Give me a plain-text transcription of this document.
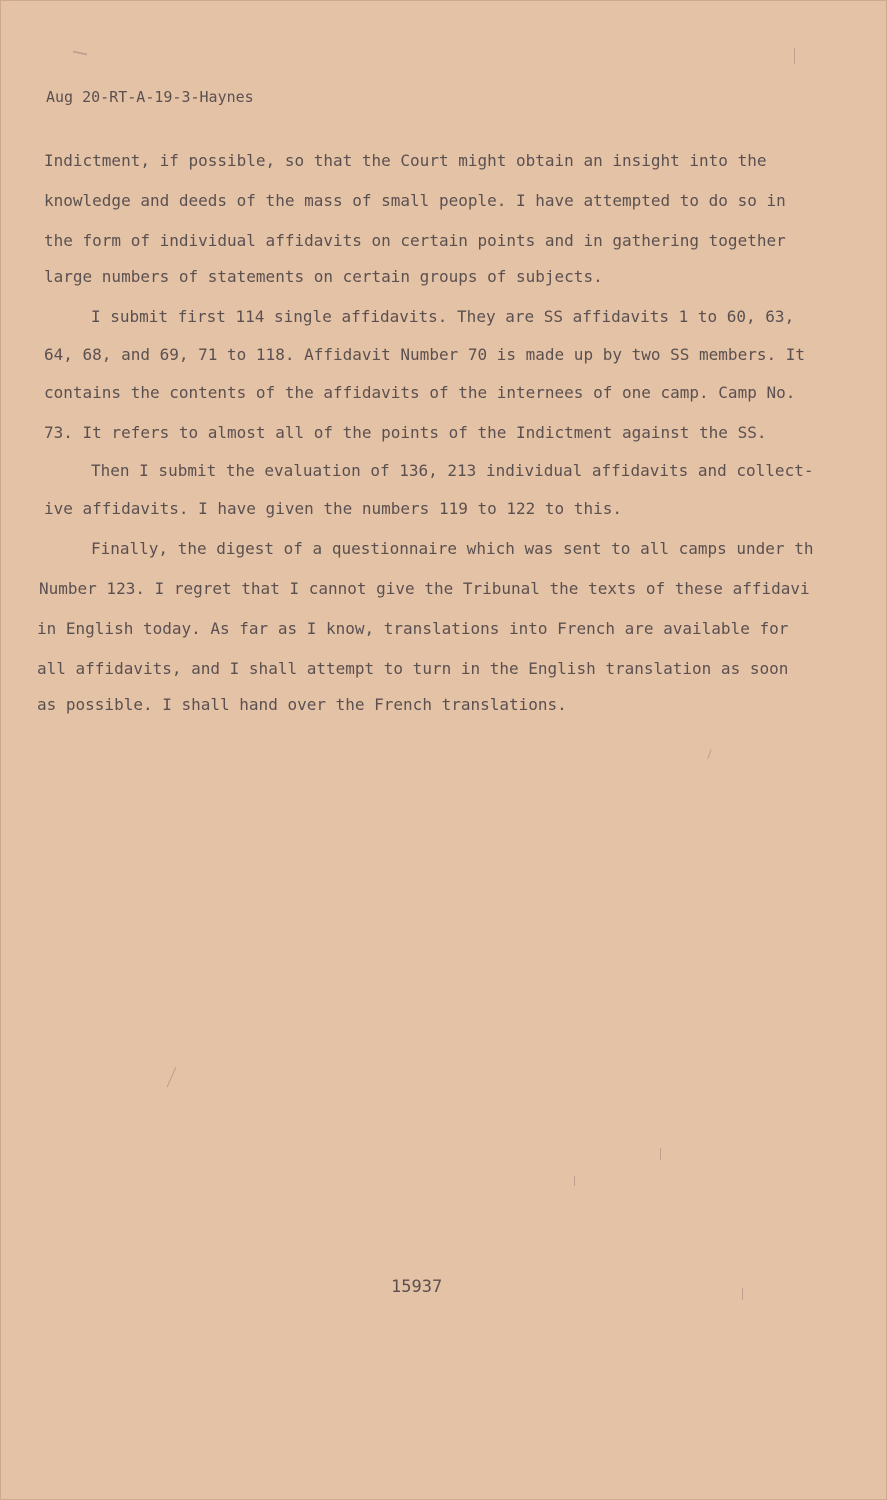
Aug 20-RT-A-19-3-Haynes
Indictment, if possible, so that the Court might obtain an insight into the
knowledge and deeds of the mass of small people. I have attempted to do so in
the form of individual affidavits on certain points and in gathering together
large numbers of statements on certain groups of subjects.
I submit first 114 single affidavits. They are SS affidavits 1 to 60, 63,
64, 68, and 69, 71 to 118. Affidavit Number 70 is made up by two SS members. It
contains the contents of the affidavits of the internees of one camp. Camp No.
73. It refers to almost all of the points of the Indictment against the SS.
Then I submit the evaluation of 136, 213 individual affidavits and collect-
ive affidavits. I have given the numbers 119 to 122 to this.
Finally, the digest of a questionnaire which was sent to all camps under th
Number 123. I regret that I cannot give the Tribunal the texts of these affidavi
in English today. As far as I know, translations into French are available for
all affidavits, and I shall attempt to turn in the English translation as soon
as possible. I shall hand over the French translations.
15937
